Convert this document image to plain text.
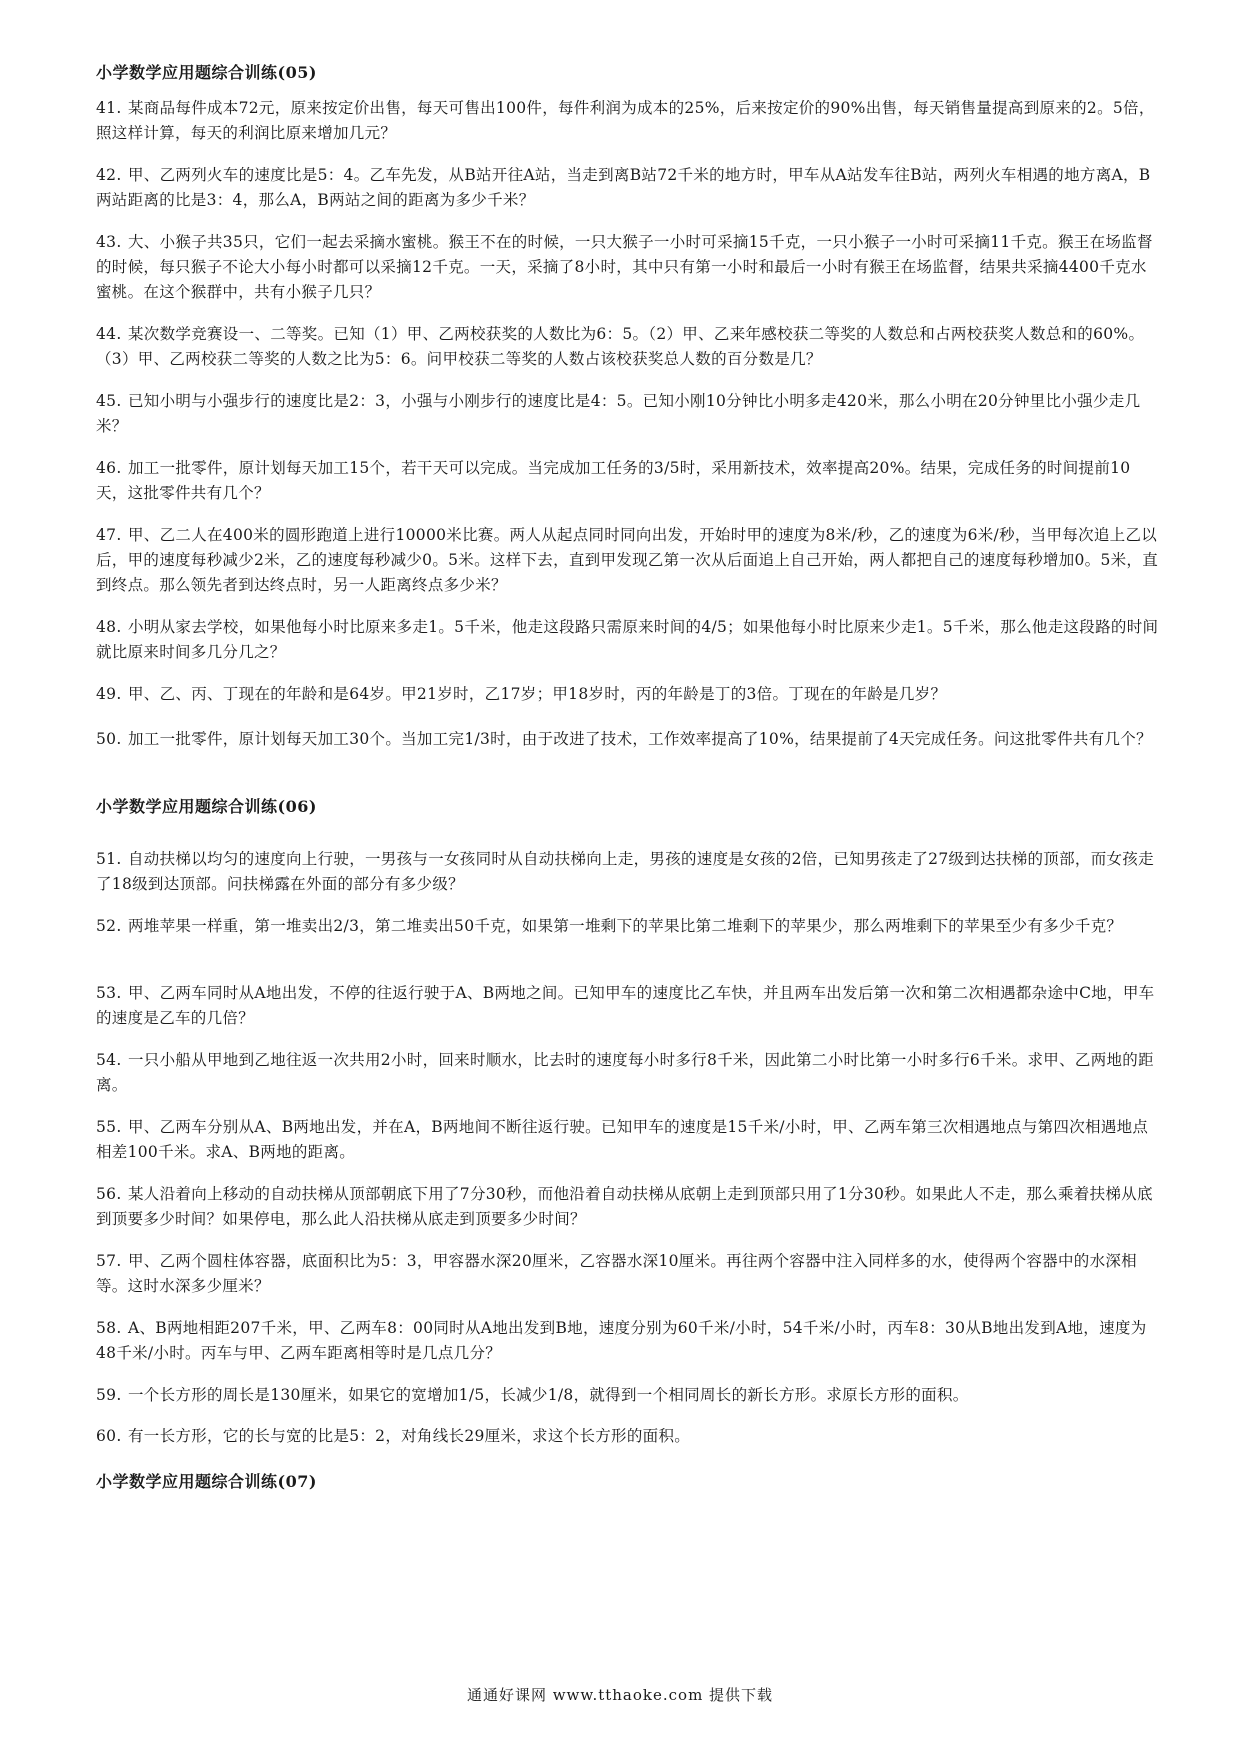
小学数学应用题综合训练(05)
41. 某商品每件成本72元，原来按定价出售，每天可售出100件，每件利润为成本的25%，后来按定价的90%出售，每天销售量提高到原来的2。5倍，照这样计算，每天的利润比原来增加几元？
42. 甲、乙两列火车的速度比是5：4。乙车先发，从B站开往A站，当走到离B站72千米的地方时，甲车从A站发车往B站，两列火车相遇的地方离A，B两站距离的比是3：4，那么A，B两站之间的距离为多少千米？
43. 大、小猴子共35只，它们一起去采摘水蜜桃。猴王不在的时候，一只大猴子一小时可采摘15千克，一只小猴子一小时可采摘11千克。猴王在场监督的时候，每只猴子不论大小每小时都可以采摘12千克。一天，采摘了8小时，其中只有第一小时和最后一小时有猴王在场监督，结果共采摘4400千克水蜜桃。在这个猴群中，共有小猴子几只？
44. 某次数学竞赛设一、二等奖。已知（1）甲、乙两校获奖的人数比为6：5。（2）甲、乙来年感校获二等奖的人数总和占两校获奖人数总和的60%。（3）甲、乙两校获二等奖的人数之比为5：6。问甲校获二等奖的人数占该校获奖总人数的百分数是几？
45. 已知小明与小强步行的速度比是2：3，小强与小刚步行的速度比是4：5。已知小刚10分钟比小明多走420米，那么小明在20分钟里比小强少走几米？
46. 加工一批零件，原计划每天加工15个，若干天可以完成。当完成加工任务的3/5时，采用新技术，效率提高20%。结果，完成任务的时间提前10天，这批零件共有几个？
47. 甲、乙二人在400米的圆形跑道上进行10000米比赛。两人从起点同时同向出发，开始时甲的速度为8米/秒，乙的速度为6米/秒，当甲每次追上乙以后，甲的速度每秒减少2米，乙的速度每秒减少0。5米。这样下去，直到甲发现乙第一次从后面追上自己开始，两人都把自己的速度每秒增加0。5米，直到终点。那么领先者到达终点时，另一人距离终点多少米？
48. 小明从家去学校，如果他每小时比原来多走1。5千米，他走这段路只需原来时间的4/5；如果他每小时比原来少走1。5千米，那么他走这段路的时间就比原来时间多几分几之？
49. 甲、乙、丙、丁现在的年龄和是64岁。甲21岁时，乙17岁；甲18岁时，丙的年龄是丁的3倍。丁现在的年龄是几岁？
50. 加工一批零件，原计划每天加工30个。当加工完1/3时，由于改进了技术，工作效率提高了10%，结果提前了4天完成任务。问这批零件共有几个？
小学数学应用题综合训练(06)
51. 自动扶梯以均匀的速度向上行驶，一男孩与一女孩同时从自动扶梯向上走，男孩的速度是女孩的2倍，已知男孩走了27级到达扶梯的顶部，而女孩走了18级到达顶部。问扶梯露在外面的部分有多少级？
52. 两堆苹果一样重，第一堆卖出2/3，第二堆卖出50千克，如果第一堆剩下的苹果比第二堆剩下的苹果少，那么两堆剩下的苹果至少有多少千克？
53. 甲、乙两车同时从A地出发，不停的往返行驶于A、B两地之间。已知甲车的速度比乙车快，并且两车出发后第一次和第二次相遇都杂途中C地，甲车的速度是乙车的几倍？
54. 一只小船从甲地到乙地往返一次共用2小时，回来时顺水，比去时的速度每小时多行8千米，因此第二小时比第一小时多行6千米。求甲、乙两地的距离。
55. 甲、乙两车分别从A、B两地出发，并在A，B两地间不断往返行驶。已知甲车的速度是15千米/小时，甲、乙两车第三次相遇地点与第四次相遇地点相差100千米。求A、B两地的距离。
56. 某人沿着向上移动的自动扶梯从顶部朝底下用了7分30秒，而他沿着自动扶梯从底朝上走到顶部只用了1分30秒。如果此人不走，那么乘着扶梯从底到顶要多少时间？如果停电，那么此人沿扶梯从底走到顶要多少时间？
57. 甲、乙两个圆柱体容器，底面积比为5：3，甲容器水深20厘米，乙容器水深10厘米。再往两个容器中注入同样多的水，使得两个容器中的水深相等。这时水深多少厘米？
58. A、B两地相距207千米，甲、乙两车8：00同时从A地出发到B地，速度分别为60千米/小时，54千米/小时，丙车8：30从B地出发到A地，速度为48千米/小时。丙车与甲、乙两车距离相等时是几点几分？
59. 一个长方形的周长是130厘米，如果它的宽增加1/5，长减少1/8，就得到一个相同周长的新长方形。求原长方形的面积。
60. 有一长方形，它的长与宽的比是5：2，对角线长29厘米，求这个长方形的面积。
小学数学应用题综合训练(07)
通通好课网 www.tthaoke.com 提供下载
